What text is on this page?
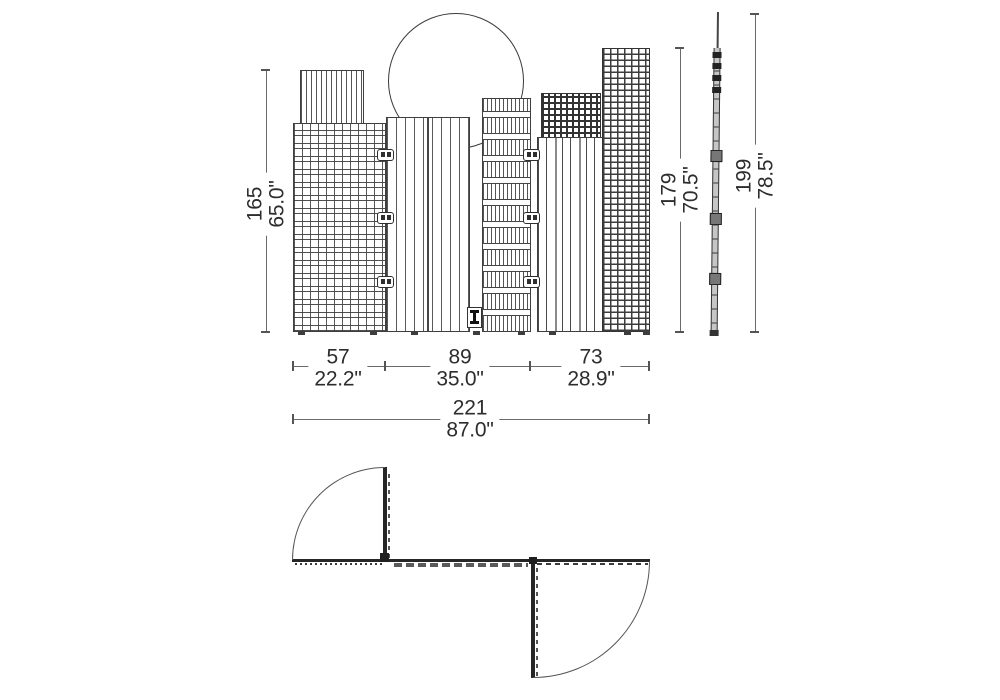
165
65.0"	179
70.5" 199
78.5"
57
22.2"
89
35.0"
73
28.9"
221
87.0"
